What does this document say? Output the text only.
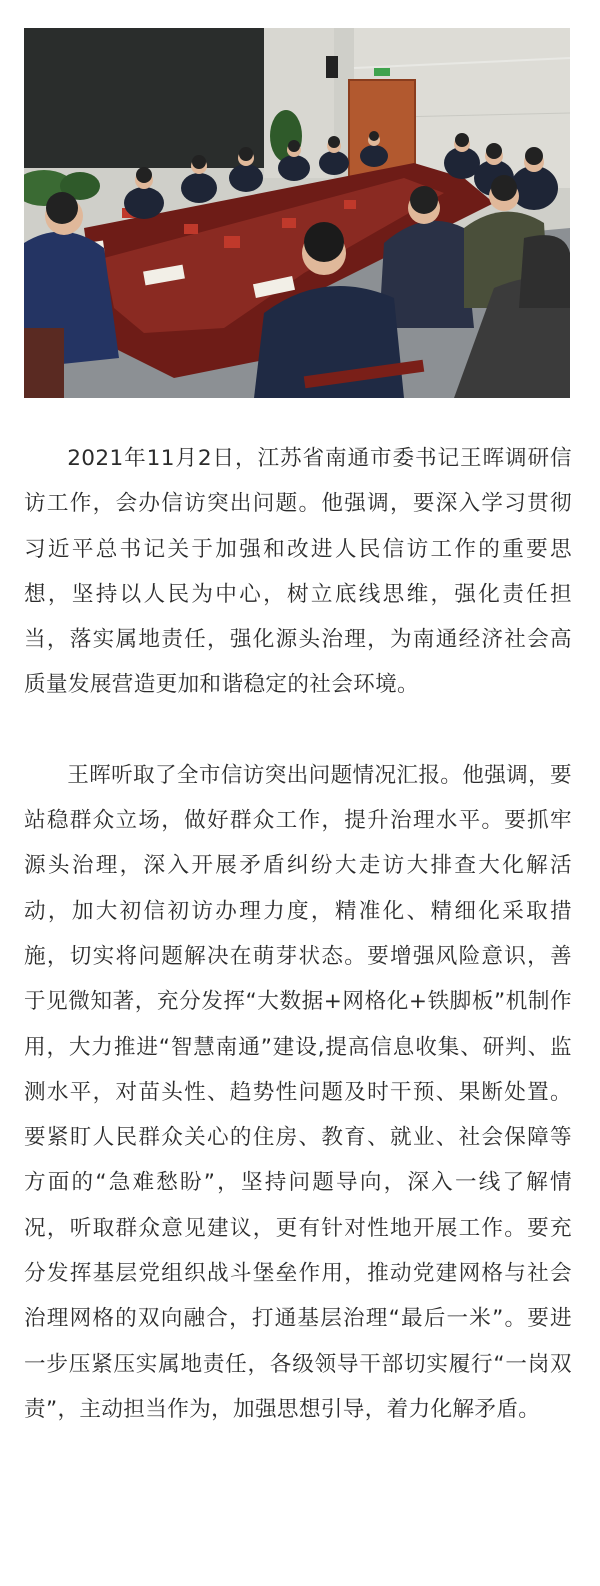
2021年11月2日，江苏省南通市委书记王晖调研信访工作，会办信访突出问题。他强调，要深入学习贯彻习近平总书记关于加强和改进人民信访工作的重要思想，坚持以人民为中心，树立底线思维，强化责任担当，落实属地责任，强化源头治理，为南通经济社会高质量发展营造更加和谐稳定的社会环境。

王晖听取了全市信访突出问题情况汇报。他强调，要站稳群众立场，做好群众工作，提升治理水平。要抓牢源头治理，深入开展矛盾纠纷大走访大排查大化解活动，加大初信初访办理力度，精准化、精细化采取措施，切实将问题解决在萌芽状态。要增强风险意识，善于见微知著，充分发挥“大数据+网格化+铁脚板”机制作用，大力推进“智慧南通”建设,提高信息收集、研判、监测水平，对苗头性、趋势性问题及时干预、果断处置。要紧盯人民群众关心的住房、教育、就业、社会保障等方面的“急难愁盼”，坚持问题导向，深入一线了解情况，听取群众意见建议，更有针对性地开展工作。要充分发挥基层党组织战斗堡垒作用，推动党建网格与社会治理网格的双向融合，打通基层治理“最后一米”。要进一步压紧压实属地责任，各级领导干部切实履行“一岗双责”，主动担当作为，加强思想引导，着力化解矛盾。
